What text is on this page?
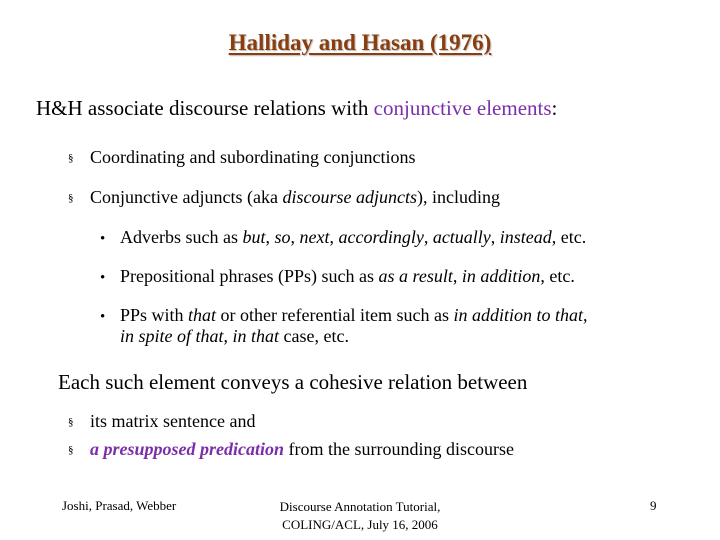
Halliday and Hasan (1976)
H&H associate discourse relations with conjunctive elements:
§ Coordinating and subordinating conjunctions
§ Conjunctive adjuncts (aka discourse adjuncts), including
• Adverbs such as but, so, next, accordingly, actually, instead, etc.
• Prepositional phrases (PPs) such as as a result, in addition, etc.
• PPs with that or other referential item such as in addition to that,
in spite of that, in that case, etc.
Each such element conveys a cohesive relation between
§ its matrix sentence and
§ a presupposed predication from the surrounding discourse
Joshi, Prasad, Webber	Discourse Annotation Tutorial,
COLING/ACL, July 16, 2006
9
